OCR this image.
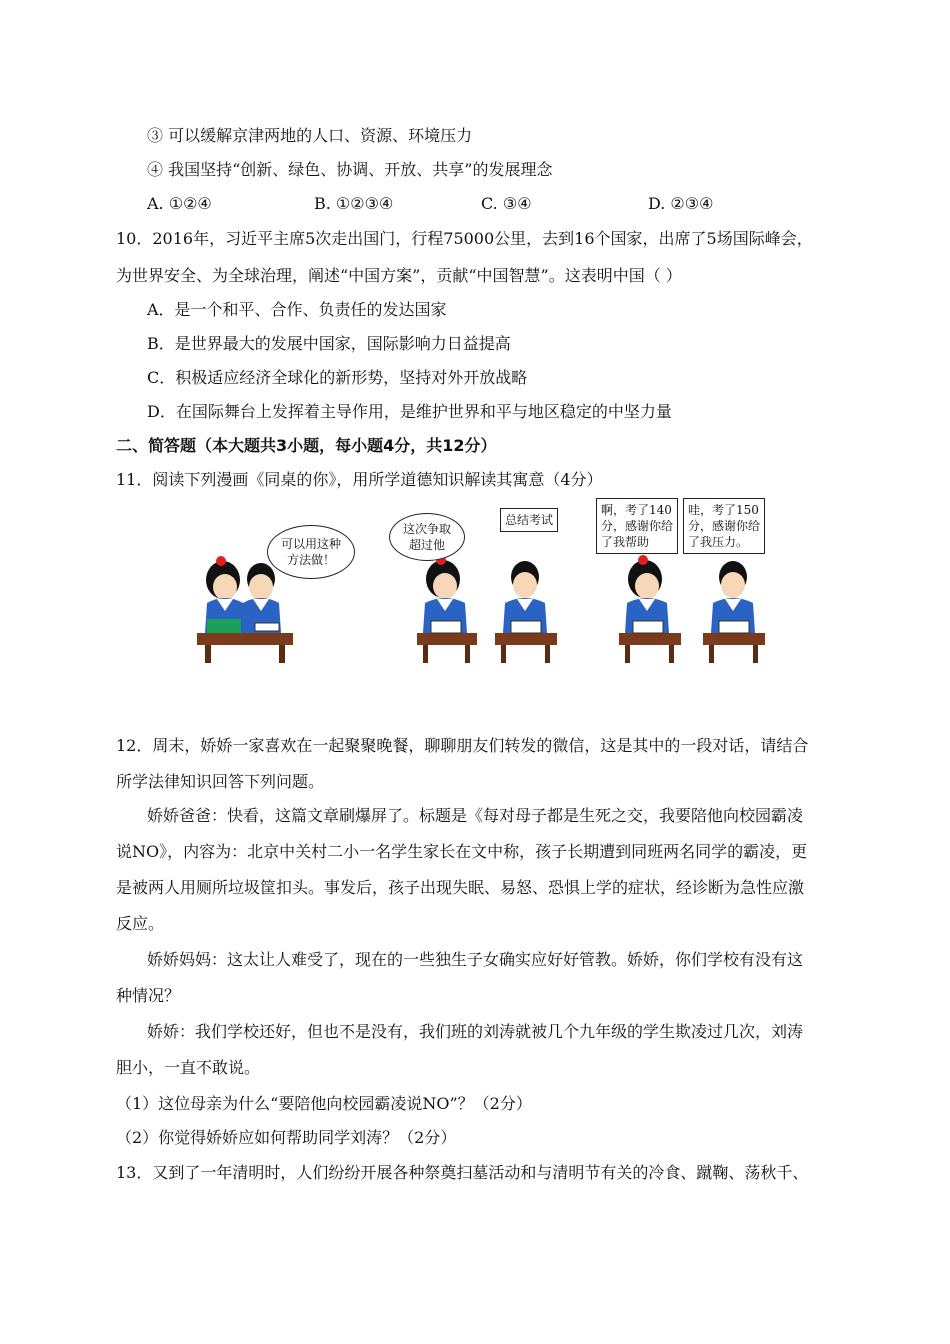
③ 可以缓解京津两地的人口、资源、环境压力
④ 我国坚持“创新、绿色、协调、开放、共享”的发展理念
A. ①②④	B. ①②③④	C. ③④	D. ②③④
10．2016年，习近平主席5次走出国门，行程75000公里，去到16个国家，出席了5场国际峰会，
为世界安全、为全球治理，阐述“中国方案”，贡献“中国智慧”。这表明中国（ ）
A．是一个和平、合作、负责任的发达国家
B．是世界最大的发展中国家，国际影响力日益提高
C．积极适应经济全球化的新形势，坚持对外开放战略
D．在国际舞台上发挥着主导作用，是维护世界和平与地区稳定的中坚力量
二、简答题（本大题共3小题，每小题4分，共12分）
11．阅读下列漫画《同桌的你》，用所学道德知识解读其寓意（4分）
可以用这种
方法做！
这次争取
超过他
总结考试
啊，考了140
分，感谢你给
了我帮助
哇，考了150
分，感谢你给
了我压力。
12．周末，娇娇一家喜欢在一起聚聚晚餐，聊聊朋友们转发的微信，这是其中的一段对话，请结合
所学法律知识回答下列问题。
娇娇爸爸：快看，这篇文章刷爆屏了。标题是《每对母子都是生死之交，我要陪他向校园霸凌
说NO》，内容为：北京中关村二小一名学生家长在文中称，孩子长期遭到同班两名同学的霸凌，更
是被两人用厕所垃圾筐扣头。事发后，孩子出现失眠、易怒、恐惧上学的症状，经诊断为急性应激
反应。
娇娇妈妈：这太让人难受了，现在的一些独生子女确实应好好管教。娇娇，你们学校有没有这
种情况？
娇娇：我们学校还好，但也不是没有，我们班的刘涛就被几个九年级的学生欺凌过几次，刘涛
胆小，一直不敢说。
（1）这位母亲为什么“要陪他向校园霸凌说NO”？（2分）
（2）你觉得娇娇应如何帮助同学刘涛？（2分）
13．又到了一年清明时，人们纷纷开展各种祭奠扫墓活动和与清明节有关的冷食、蹴鞠、荡秋千、
